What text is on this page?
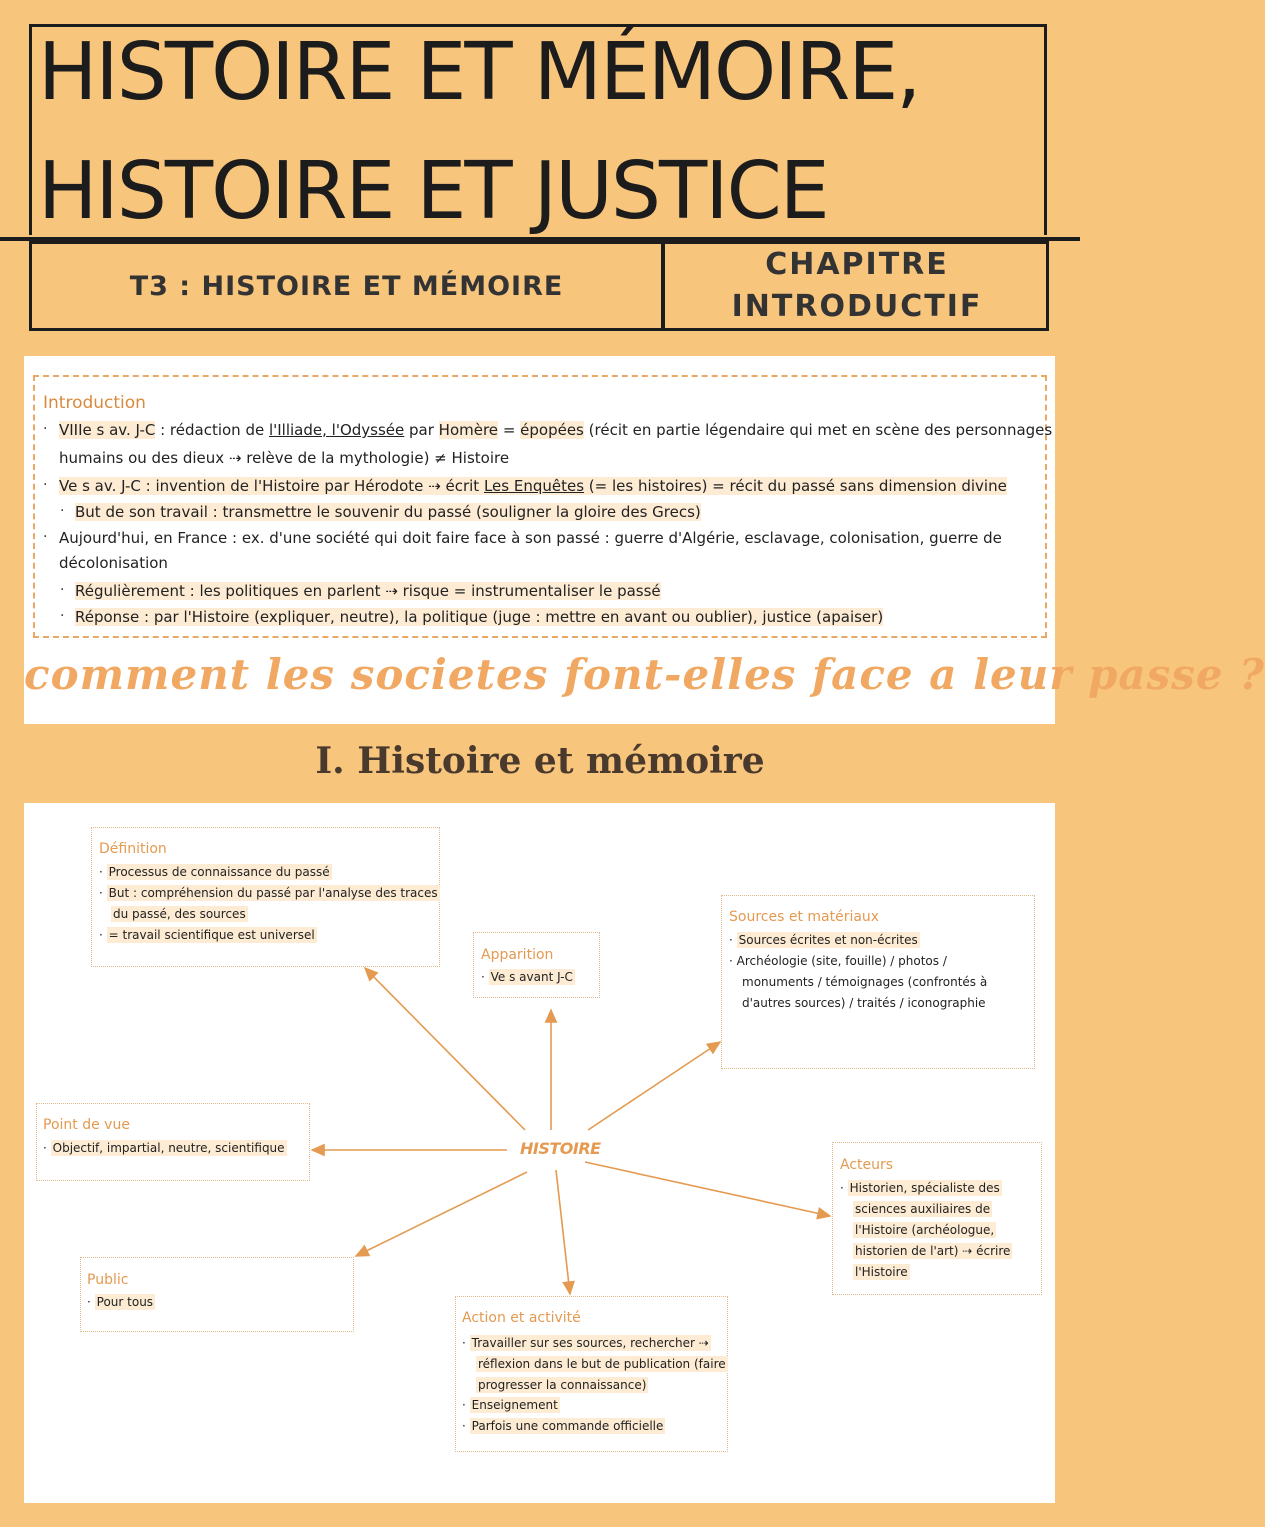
HISTOIRE ET MÉMOIRE,
HISTOIRE ET JUSTICE
T3 : HISTOIRE ET MÉMOIRE
CHAPITRE
INTRODUCTIF
Introduction
· VIIIe s av. J-C : rédaction de l'Illiade, l'Odyssée par Homère = épopées (récit en partie légendaire qui met en scène des personnages
humains ou des dieux ⇢ relève de la mythologie) ≠ Histoire
· Ve s av. J-C : invention de l'Histoire par Hérodote ⇢ écrit Les Enquêtes (= les histoires) = récit du passé sans dimension divine
· But de son travail : transmettre le souvenir du passé (souligner la gloire des Grecs)
· Aujourd'hui, en France : ex. d'une société qui doit faire face à son passé : guerre d'Algérie, esclavage, colonisation, guerre de
décolonisation
· Régulièrement : les politiques en parlent ⇢ risque = instrumentaliser le passé
· Réponse : par l'Histoire (expliquer, neutre), la politique (juge : mettre en avant ou oublier), justice (apaiser)
comment les societes font-elles face a leur passe ?
I. Histoire et mémoire
HISTOIRE
Définition
· Processus de connaissance du passé
· But : compréhension du passé par l'analyse des traces
du passé, des sources
· = travail scientifique est universel
Apparition
· Ve s avant J-C
Sources et matériaux
· Sources écrites et non-écrites
· Archéologie (site, fouille) / photos /
monuments / témoignages (confrontés à
d'autres sources) / traités / iconographie
Point de vue
· Objectif, impartial, neutre, scientifique
Acteurs
· Historien, spécialiste des
sciences auxiliaires de
l'Histoire (archéologue,
historien de l'art) ⇢ écrire
l'Histoire
Public
· Pour tous
Action et activité
· Travailler sur ses sources, rechercher ⇢
réflexion dans le but de publication (faire
progresser la connaissance)
· Enseignement
· Parfois une commande officielle
